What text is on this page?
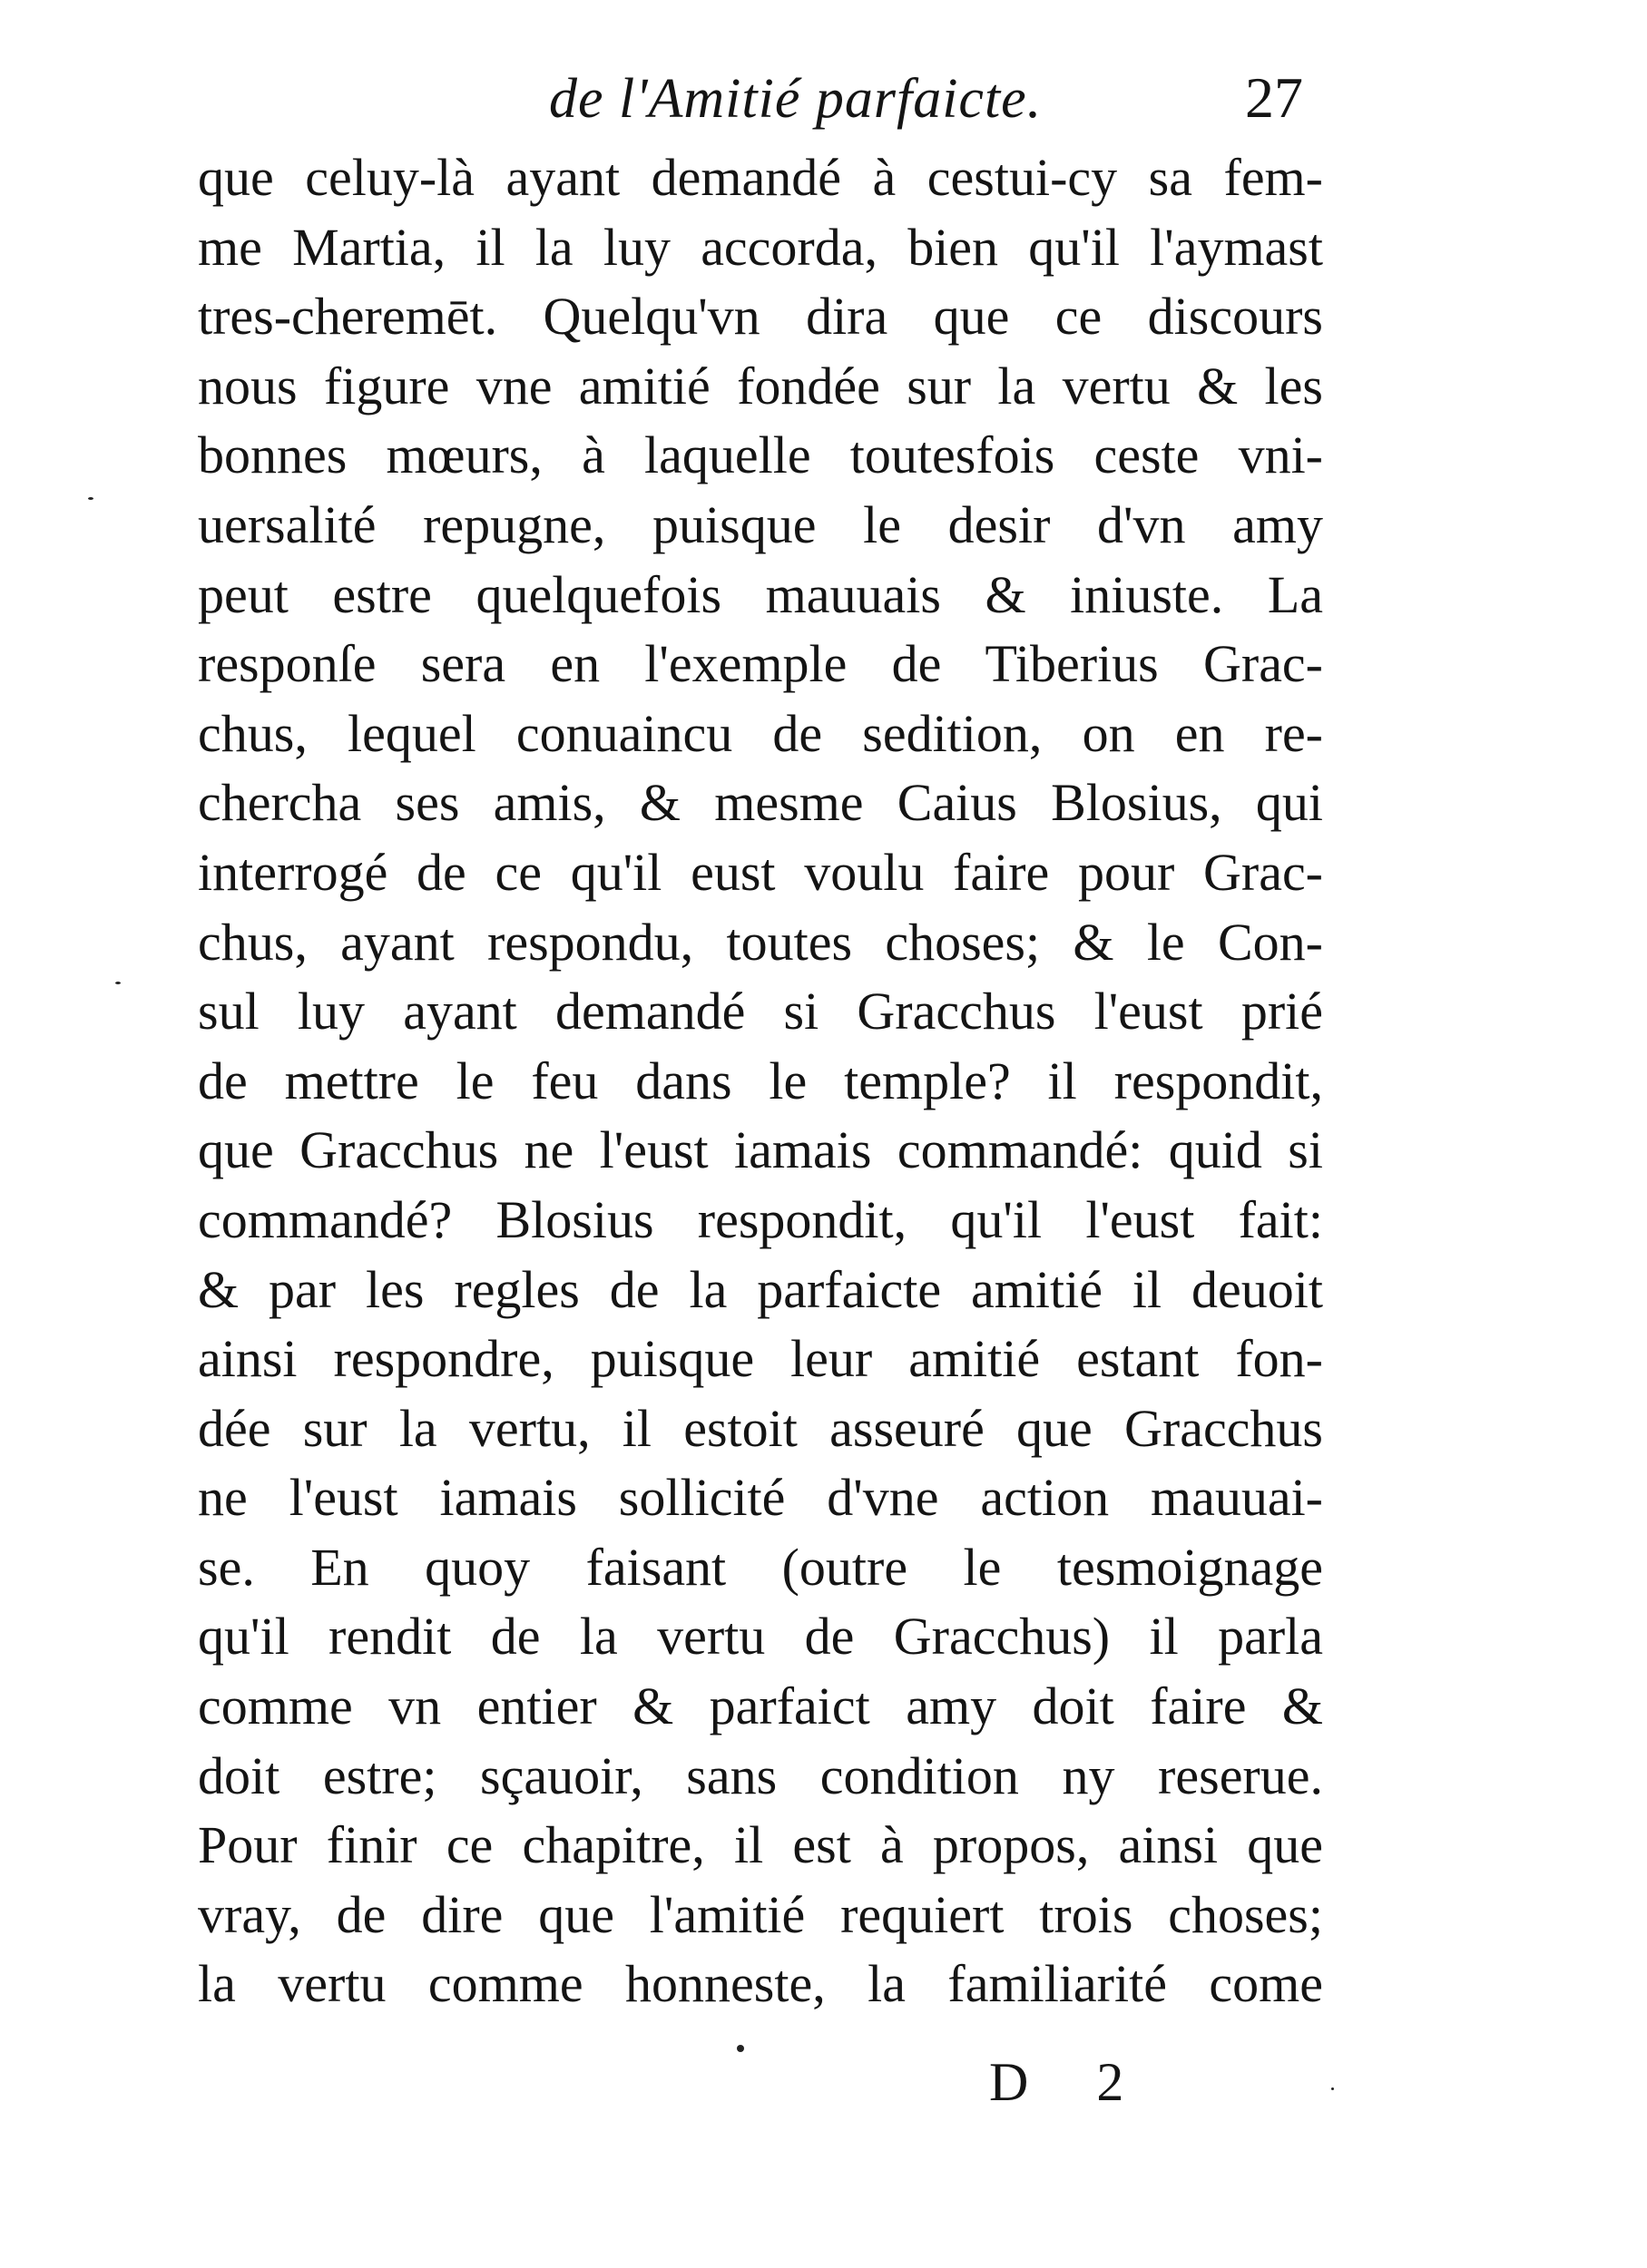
de l'Amitié parfaicte.	27
que celuy-là ayant demandé à cestui-cy sa fem-
me Martia, il la luy accorda, bien qu'il l'aymast
tres-cheremēt. Quelqu'vn dira que ce discours
nous figure vne amitié fondée sur la vertu & les
bonnes mœurs, à laquelle toutesfois ceste vni-
uersalité repugne, puisque le desir d'vn amy
peut estre quelquefois mauuais & iniuste. La
responſe sera en l'exemple de Tiberius Grac-
chus, lequel conuaincu de sedition, on en re-
chercha ses amis, & mesme Caius Blosius, qui
interrogé de ce qu'il eust voulu faire pour Grac-
chus, ayant respondu, toutes choses; & le Con-
sul luy ayant demandé si Gracchus l'eust prié
de mettre le feu dans le temple? il respondit,
que Gracchus ne l'eust iamais commandé: quid si
commandé? Blosius respondit, qu'il l'eust fait:
& par les regles de la parfaicte amitié il deuoit
ainsi respondre, puisque leur amitié estant fon-
dée sur la vertu, il estoit asseuré que Gracchus
ne l'eust iamais sollicité d'vne action mauuai-
se. En quoy faisant (outre le tesmoignage
qu'il rendit de la vertu de Gracchus) il parla
comme vn entier & parfaict amy doit faire &
doit estre; sçauoir, sans condition ny reserue.
Pour finir ce chapitre, il est à propos, ainsi que
vray, de dire que l'amitié requiert trois choses;
la vertu comme honneste, la familiarité come
D 2
